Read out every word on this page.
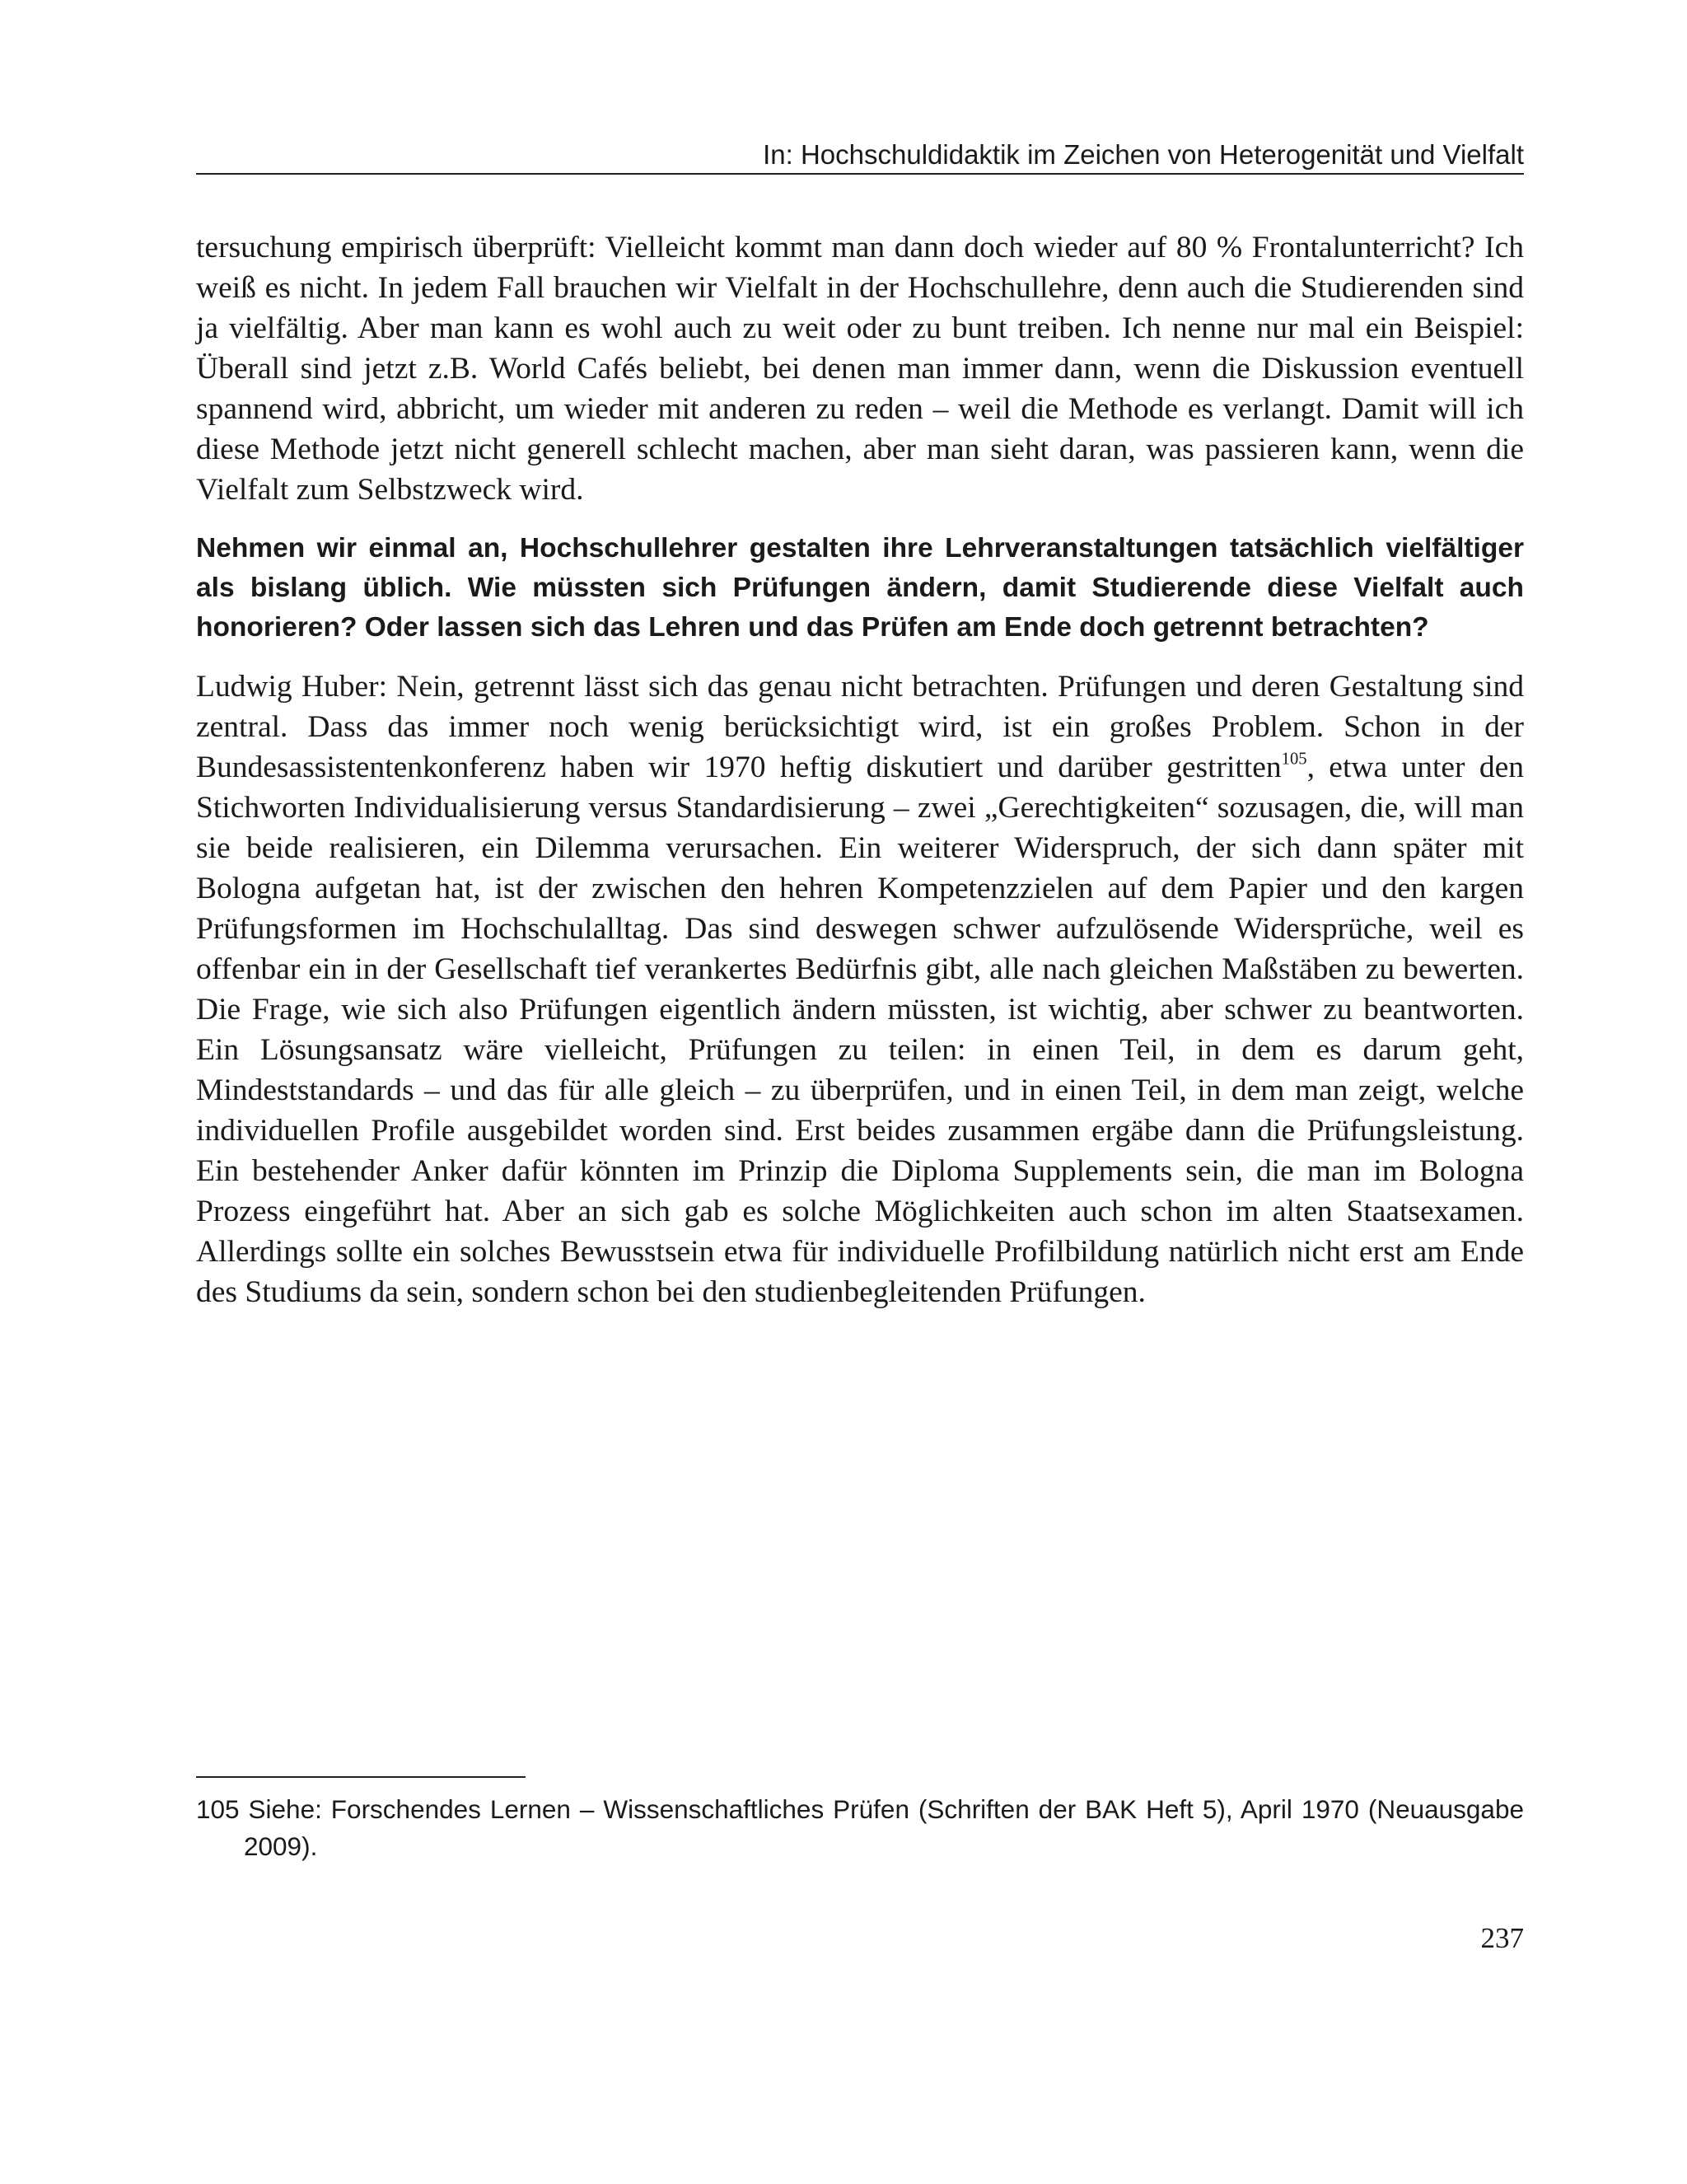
In: Hochschuldidaktik im Zeichen von Heterogenität und Vielfalt

tersuchung empirisch überprüft: Vielleicht kommt man dann doch wieder auf 80 % Frontalunterricht? Ich weiß es nicht. In jedem Fall brauchen wir Vielfalt in der Hochschullehre, denn auch die Studierenden sind ja vielfältig. Aber man kann es wohl auch zu weit oder zu bunt treiben. Ich nenne nur mal ein Beispiel: Überall sind jetzt z.B. World Cafés beliebt, bei denen man immer dann, wenn die Diskussion eventuell spannend wird, abbricht, um wieder mit anderen zu reden – weil die Methode es verlangt. Damit will ich diese Methode jetzt nicht generell schlecht machen, aber man sieht daran, was passieren kann, wenn die Vielfalt zum Selbstzweck wird.

Nehmen wir einmal an, Hochschullehrer gestalten ihre Lehrveranstaltungen tatsächlich vielfältiger als bislang üblich. Wie müssten sich Prüfungen ändern, damit Studierende diese Vielfalt auch honorieren? Oder lassen sich das Lehren und das Prüfen am Ende doch getrennt betrachten?

Ludwig Huber: Nein, getrennt lässt sich das genau nicht betrachten. Prüfungen und deren Gestaltung sind zentral. Dass das immer noch wenig berücksichtigt wird, ist ein großes Problem. Schon in der Bundesassistentenkonferenz haben wir 1970 heftig diskutiert und darüber gestritten$^{105}$, etwa unter den Stichworten Individualisierung versus Standardisierung – zwei „Gerechtigkeiten“ sozusagen, die, will man sie beide realisieren, ein Dilemma verursachen. Ein weiterer Widerspruch, der sich dann später mit Bologna aufgetan hat, ist der zwischen den hehren Kompetenzzielen auf dem Papier und den kargen Prüfungsformen im Hochschulalltag. Das sind deswegen schwer aufzulösende Widersprüche, weil es offenbar ein in der Gesellschaft tief verankertes Bedürfnis gibt, alle nach gleichen Maßstäben zu bewerten. Die Frage, wie sich also Prüfungen eigentlich ändern müssten, ist wichtig, aber schwer zu beantworten. Ein Lösungsansatz wäre vielleicht, Prüfungen zu teilen: in einen Teil, in dem es darum geht, Mindeststandards – und das für alle gleich – zu überprüfen, und in einen Teil, in dem man zeigt, welche individuellen Profile ausgebildet worden sind. Erst beides zusammen ergäbe dann die Prüfungsleistung. Ein bestehender Anker dafür könnten im Prinzip die Diploma Supplements sein, die man im Bologna Prozess eingeführt hat. Aber an sich gab es solche Möglichkeiten auch schon im alten Staatsexamen. Allerdings sollte ein solches Bewusstsein etwa für individuelle Profilbildung natürlich nicht erst am Ende des Studiums da sein, sondern schon bei den studienbegleitenden Prüfungen.

105 Siehe: Forschendes Lernen – Wissenschaftliches Prüfen (Schriften der BAK Heft 5), April 1970 (Neuausgabe 2009).
237
